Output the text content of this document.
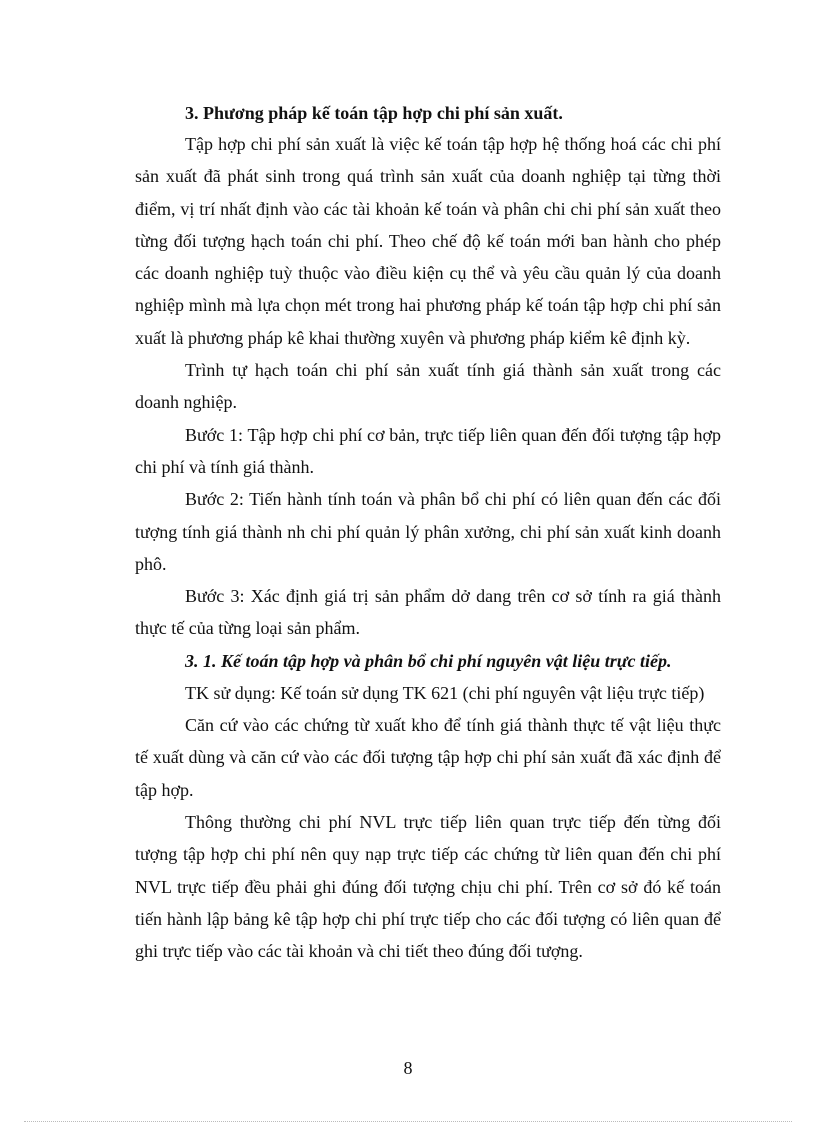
3. Phương pháp kế toán tập hợp chi phí sản xuất.

Tập hợp chi phí sản xuất là việc kế toán tập hợp hệ thống hoá các chi phí sản xuất đã phát sinh trong quá trình sản xuất của doanh nghiệp tại từng thời điểm, vị trí nhất định vào các tài khoản kế toán và phân chi chi phí sản xuất theo từng đối tượng hạch toán chi phí. Theo chế độ kế toán mới ban hành cho phép các doanh nghiệp tuỳ thuộc vào điều kiện cụ thể và yêu cầu quản lý của doanh nghiệp mình mà lựa chọn mét trong hai phương pháp kế toán tập hợp chi phí sản xuất là phương pháp kê khai thường xuyên và phương pháp kiểm kê định kỳ.

Trình tự hạch toán chi phí sản xuất tính giá thành sản xuất trong các doanh nghiệp.

Bước 1: Tập hợp chi phí cơ bản, trực tiếp liên quan đến đối tượng tập hợp chi phí và tính giá thành.

Bước 2: Tiến hành tính toán và phân bổ chi phí có liên quan đến các đối tượng tính giá thành nh chi phí quản lý phân xưởng, chi phí sản xuất kinh doanh phô.

Bước 3: Xác định giá trị sản phẩm dở dang trên cơ sở tính ra giá thành thực tế của từng loại sản phẩm.

3. 1. Kế toán tập hợp và phân bổ chi phí nguyên vật liệu trực tiếp.

TK sử dụng: Kế toán sử dụng TK 621 (chi phí nguyên vật liệu trực tiếp)

Căn cứ vào các chứng từ xuất kho để tính giá thành thực tế vật liệu thực tế xuất dùng và căn cứ vào các đối tượng tập hợp chi phí sản xuất đã xác định để tập hợp.

Thông thường chi phí NVL trực tiếp liên quan trực tiếp đến từng đối tượng tập hợp chi phí nên quy nạp trực tiếp các chứng từ liên quan đến chi phí NVL trực tiếp đều phải ghi đúng đối tượng chịu chi phí. Trên cơ sở đó kế toán tiến hành lập bảng kê tập hợp chi phí trực tiếp cho các đối tượng có liên quan để ghi trực tiếp vào các tài khoản và chi tiết theo đúng đối tượng.

8
